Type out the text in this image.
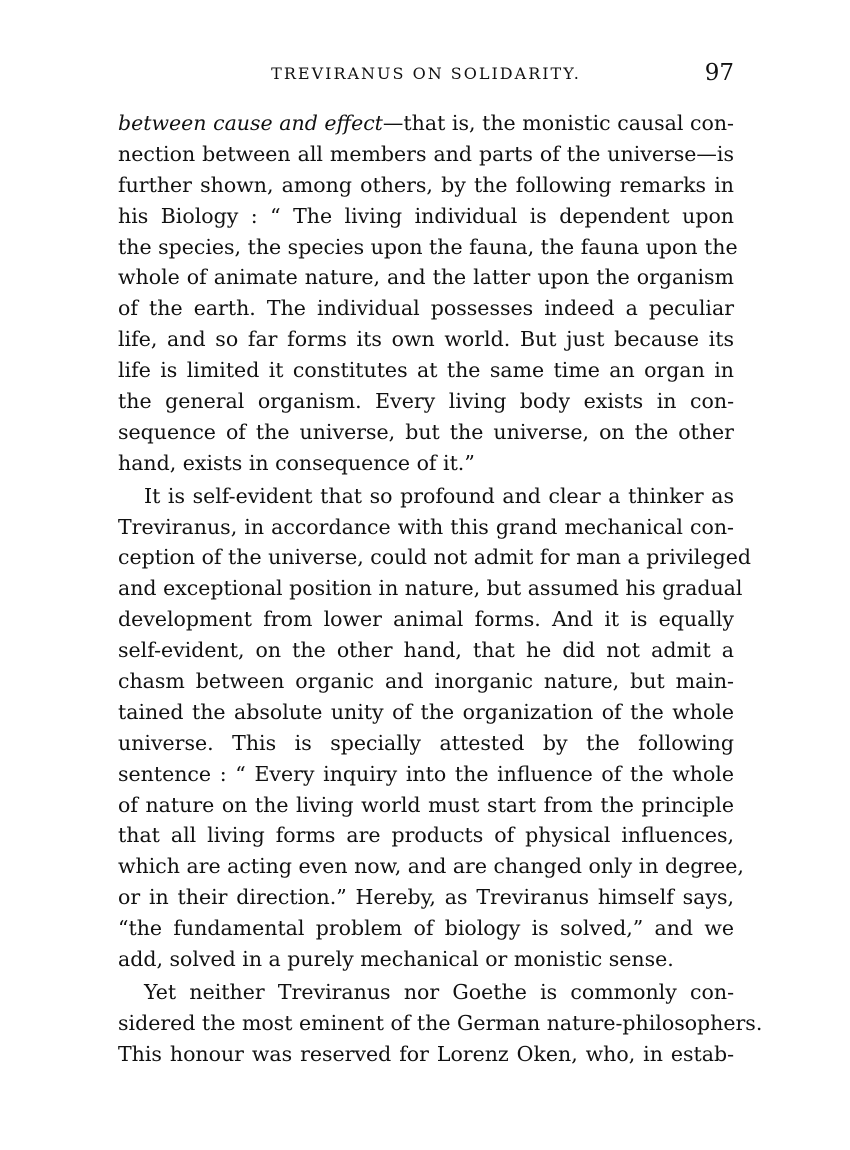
TREVIRANUS ON SOLIDARITY.	97
between cause and effect—that is, the monistic causal con-
nection between all members and parts of the universe—is
further shown, among others, by the following remarks in
his Biology : “ The living individual is dependent upon
the species, the species upon the fauna, the fauna upon the
whole of animate nature, and the latter upon the organism
of the earth. The individual possesses indeed a peculiar
life, and so far forms its own world. But just because its
life is limited it constitutes at the same time an organ in
the general organism. Every living body exists in con-
sequence of the universe, but the universe, on the other
hand, exists in consequence of it.”
It is self-evident that so profound and clear a thinker as
Treviranus, in accordance with this grand mechanical con-
ception of the universe, could not admit for man a privileged
and exceptional position in nature, but assumed his gradual
development from lower animal forms. And it is equally
self-evident, on the other hand, that he did not admit a
chasm between organic and inorganic nature, but main-
tained the absolute unity of the organization of the whole
universe. This is specially attested by the following
sentence : “ Every inquiry into the influence of the whole
of nature on the living world must start from the principle
that all living forms are products of physical influences,
which are acting even now, and are changed only in degree,
or in their direction.” Hereby, as Treviranus himself says,
“the fundamental problem of biology is solved,” and we
add, solved in a purely mechanical or monistic sense.
Yet neither Treviranus nor Goethe is commonly con-
sidered the most eminent of the German nature-philosophers.
This honour was reserved for Lorenz Oken, who, in estab-
